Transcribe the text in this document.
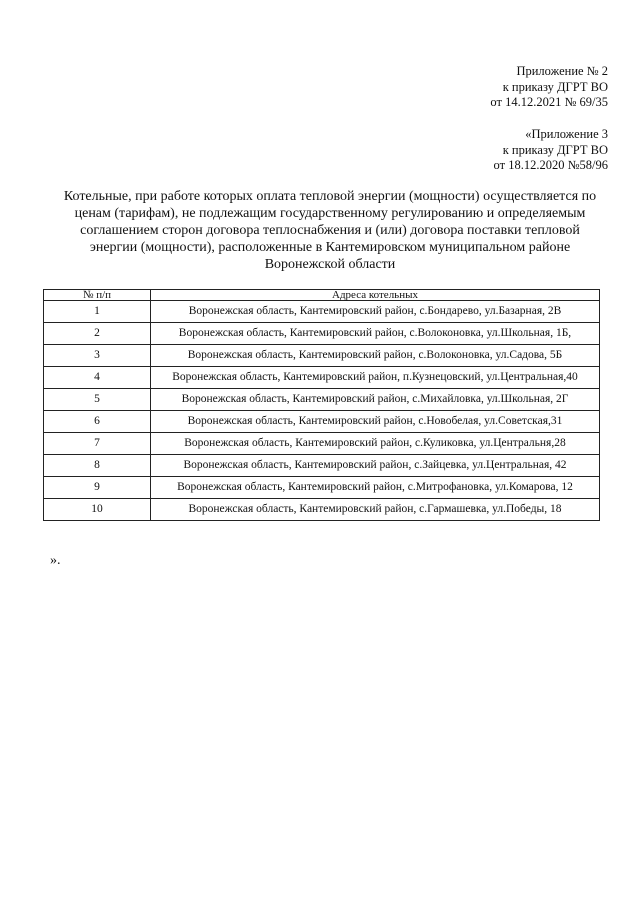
Приложение № 2
к приказу ДГРТ ВО
от 14.12.2021 № 69/35
«Приложение 3
к приказу ДГРТ ВО
от 18.12.2020 №58/96
Котельные, при работе которых оплата тепловой энергии (мощности) осуществляется по ценам (тарифам), не подлежащим государственному регулированию и определяемым соглашением сторон договора теплоснабжения и (или) договора поставки тепловой энергии (мощности), расположенные в Кантемировском муниципальном районе Воронежской области
№ п/п	Адреса котельных
1	Воронежская область, Кантемировский район, с.Бондарево, ул.Базарная, 2В
2	Воронежская область, Кантемировский район, с.Волоконовка, ул.Школьная, 1Б,
3	Воронежская область, Кантемировский район, с.Волоконовка, ул.Садова, 5Б
4	Воронежская область, Кантемировский район, п.Кузнецовский, ул.Центральная,40
5	Воронежская область, Кантемировский район, с.Михайловка, ул.Школьная, 2Г
6	Воронежская область, Кантемировский район, с.Новобелая, ул.Советская,31
7	Воронежская область, Кантемировский район, с.Куликовка, ул.Центральня,28
8	Воронежская область, Кантемировский район, с.Зайцевка, ул.Центральная, 42
9	Воронежская область, Кантемировский район, с.Митрофановка, ул.Комарова, 12
10	Воронежская область, Кантемировский район, с.Гармашевка, ул.Победы, 18
».
